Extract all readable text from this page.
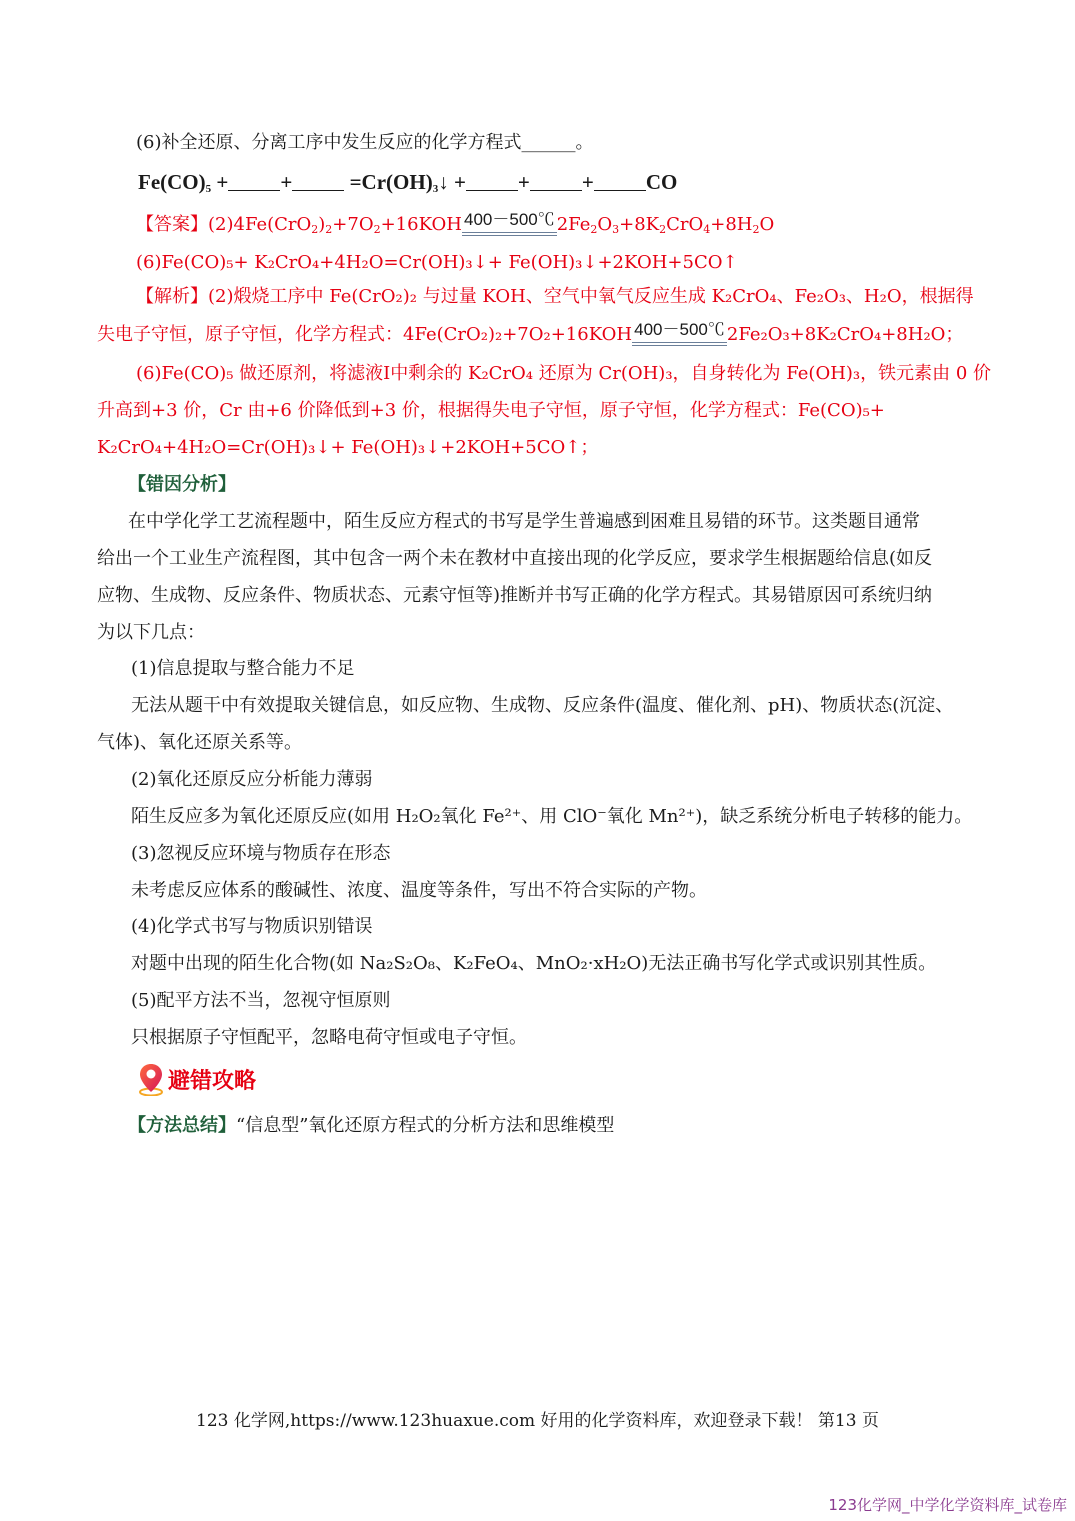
(6)补全还原、分离工序中发生反应的化学方程式______。
$Fe(CO)_5$ + +	$=Cr(OH)_3↓$ + + + CO
【答案】$(2)4Fe(CrO_2)_2+7O_2+16KOH$ 400－500℃ $2Fe_2O_3+8K_2CrO_4+8H_2O$
(6)Fe(CO)₅+ K₂CrO₄+4H₂O=Cr(OH)₃↓+ Fe(OH)₃↓+2KOH+5CO↑
【解析】(2)煅烧工序中 Fe(CrO₂)₂ 与过量 KOH、空气中氧气反应生成 K₂CrO₄、Fe₂O₃、H₂O，根据得
失电子守恒，原子守恒，化学方程式：4Fe(CrO₂)₂+7O₂+16KOH 400－500℃ 2Fe₂O₃+8K₂CrO₄+8H₂O；
(6)Fe(CO)₅ 做还原剂，将滤液I中剩余的 K₂CrO₄ 还原为 Cr(OH)₃，自身转化为 Fe(OH)₃，铁元素由 0 价
升高到+3 价，Cr 由+6 价降低到+3 价，根据得失电子守恒，原子守恒，化学方程式：Fe(CO)₅+
K₂CrO₄+4H₂O=Cr(OH)₃↓+ Fe(OH)₃↓+2KOH+5CO↑；
【错因分析】
在中学化学工艺流程题中，陌生反应方程式的书写是学生普遍感到困难且易错的环节。这类题目通常
给出一个工业生产流程图，其中包含一两个未在教材中直接出现的化学反应，要求学生根据题给信息(如反
应物、生成物、反应条件、物质状态、元素守恒等)推断并书写正确的化学方程式。其易错原因可系统归纳
为以下几点：
(1)信息提取与整合能力不足
无法从题干中有效提取关键信息，如反应物、生成物、反应条件(温度、催化剂、pH)、物质状态(沉淀、
气体)、氧化还原关系等。
(2)氧化还原反应分析能力薄弱
陌生反应多为氧化还原反应(如用 H₂O₂氧化 Fe²⁺、用 ClO⁻氧化 Mn²⁺)，缺乏系统分析电子转移的能力。
(3)忽视反应环境与物质存在形态
未考虑反应体系的酸碱性、浓度、温度等条件，写出不符合实际的产物。
(4)化学式书写与物质识别错误
对题中出现的陌生化合物(如 Na₂S₂O₈、K₂FeO₄、MnO₂·xH₂O)无法正确书写化学式或识别其性质。
(5)配平方法不当，忽视守恒原则
只根据原子守恒配平，忽略电荷守恒或电子守恒。
避错攻略
【方法总结】“信息型”氧化还原方程式的分析方法和思维模型
123 化学网,https://www.123huaxue.com 好用的化学资料库，欢迎登录下载！ 第13 页
123化学网_中学化学资料库_试卷库
